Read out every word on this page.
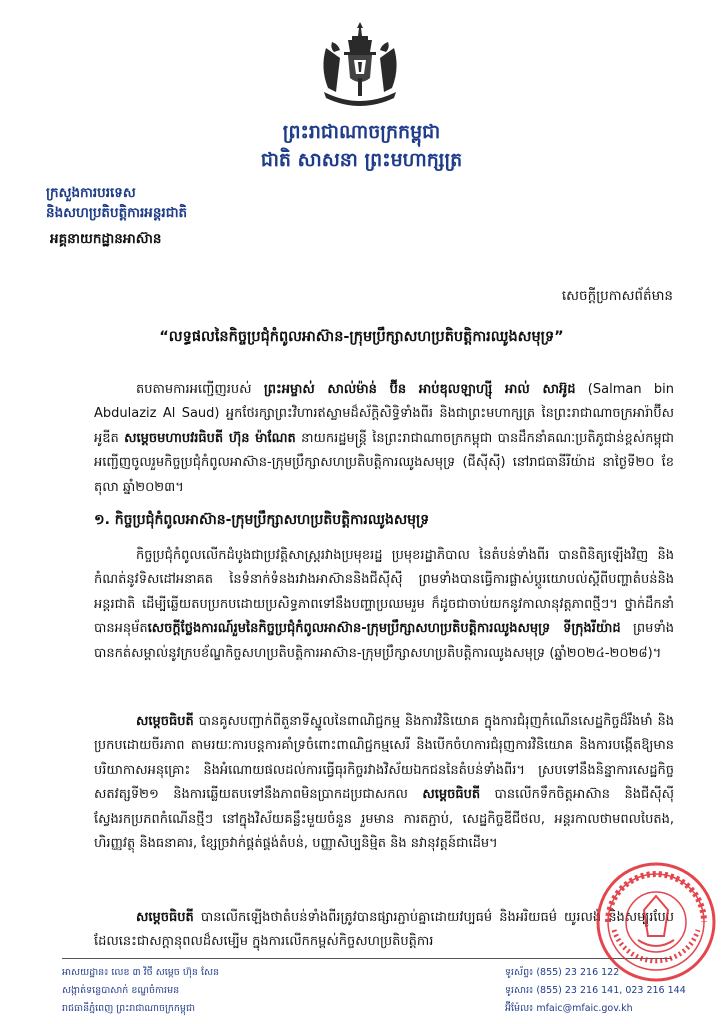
ព្រះរាជាណាចក្រកម្ពុជា
ជាតិ សាសនា ព្រះមហាក្សត្រ
ក្រសួងការបរទេស
និងសហប្រតិបត្តិការអន្តរជាតិ
អគ្គនាយកដ្ឋានអាស៊ាន
សេចក្តីប្រកាសព័ត៌មាន
“លទ្ធផលនៃកិច្ចប្រជុំកំពូលអាស៊ាន-ក្រុមប្រឹក្សាសហប្រតិបត្តិការឈូងសមុទ្រ”
តបតាមការអញ្ជើញរបស់ ព្រះអម្ចាស់ សាល់ម៉ាន់ ប៊ីន អាប់ឌុលឡាហ្ស៊ី អាល់ សាអ៊ូដ (Salman bin Abdulaziz Al Saud) អ្នកថែរក្សាព្រះវិហារឥស្លាមដ៏ស័ក្តិសិទ្ធិទាំងពីរ និងជាព្រះមហាក្សត្រ នៃព្រះរាជាណាចក្រអារ៉ាប៊ីសអូឌីត សម្តេចមហាបវរធិបតី ហ៊ុន ម៉ាណែត នាយករដ្ឋមន្ត្រី នៃព្រះរាជាណាចក្រកម្ពុជា បានដឹកនាំគណៈប្រតិភូជាន់ខ្ពស់កម្ពុជា អញ្ជើញចូលរួមកិច្ចប្រជុំកំពូលអាស៊ាន-ក្រុមប្រឹក្សាសហប្រតិបត្តិការឈូងសមុទ្រ (ជីស៊ីស៊ី) នៅរាជធានីរីយ៉ាដ នាថ្ងៃទី២០ ខែតុលា ឆ្នាំ២០២៣។
១. កិច្ចប្រជុំកំពូលអាស៊ាន-ក្រុមប្រឹក្សាសហប្រតិបត្តិការឈូងសមុទ្រ
កិច្ចប្រជុំកំពូលលើកដំបូងជាប្រវត្តិសាស្ត្ររវាងប្រមុខរដ្ឋ ប្រមុខរដ្ឋាភិបាល នៃតំបន់ទាំងពីរ បានពិនិត្យឡើងវិញ និងកំណត់នូវទិសដៅអនាគត នៃទំនាក់ទំនងរវាងអាស៊ាននិងជីស៊ីស៊ី ព្រមទាំងបានធ្វើការផ្លាស់ប្តូរយោបល់ស្តីពីបញ្ហាតំបន់និងអន្តរជាតិ ដើម្បីឆ្លើយតបប្រកបដោយប្រសិទ្ធភាពទៅនឹងបញ្ហាប្រឈមរួម ក៏ដូចជាចាប់យកនូវកាលានុវត្តភាពថ្មីៗ។ ថ្នាក់ដឹកនាំបានអនុម័តសេចក្តីថ្លែងការណ៍រួមនៃកិច្ចប្រជុំកំពូលអាស៊ាន-ក្រុមប្រឹក្សាសហប្រតិបត្តិការឈូងសមុទ្រ ទីក្រុងរីយ៉ាដ ព្រមទាំងបានកត់សម្គាល់នូវក្របខ័ណ្ឌកិច្ចសហប្រតិបត្តិការអាស៊ាន-ក្រុមប្រឹក្សាសហប្រតិបត្តិការឈូងសមុទ្រ (ឆ្នាំ២០២៤-២០២៨)។
សម្តេចធិបតី បានគូសបញ្ជាក់ពីតួនាទីស្នូលនៃពាណិជ្ជកម្ម និងការវិនិយោគ ក្នុងការជំរុញកំណើនសេដ្ឋកិច្ចដ៏រឹងមាំ និងប្រកបដោយចីរភាព តាមរយៈការបន្តការគាំទ្រចំពោះពាណិជ្ជកម្មសេរី និងបើកចំហការជំរុញការវិនិយោគ និងការបង្កើតឱ្យមានបរិយាកាសអនុគ្រោះ និងអំណោយផលដល់ការធ្វើធុរកិច្ចរវាងវិស័យឯកជននៃតំបន់ទាំងពីរ។ ស្របទៅនឹងនិន្នាការសេដ្ឋកិច្ចសតវត្សទី២១ និងការឆ្លើយតបទៅនឹងភាពមិនប្រាកដប្រជាសកល សម្តេចធិបតី បានលើកទឹកចិត្តអាស៊ាន និងជីស៊ីស៊ី ស្វែងរកប្រភពកំណើនថ្មីៗ នៅក្នុងវិស័យគន្លឹះមួយចំនួន រួមមាន ការតភ្ជាប់, សេដ្ឋកិច្ចឌីជីថល, អន្តរកាលថាមពលបៃតង, ហិរញ្ញវត្ថុ និងធនាគារ, ខ្សែច្រវាក់ផ្គត់ផ្គង់តំបន់, បញ្ញាសិប្បនិម្មិត និង នវានុវត្តន៍ជាដើម។
សម្តេចធិបតី បានលើកឡើងថាតំបន់ទាំងពីរត្រូវបានផ្សារភ្ជាប់គ្នាដោយវប្បធម៌ និងអរិយធម៌ យូរលង់ និងសម្បូរបែប ដែលនេះជាសក្តានុពលដ៏សម្បើម ក្នុងការលើកកម្ពស់កិច្ចសហប្រតិបត្តិការ
អាសយដ្ឋាន៖ លេខ ៣ វិថី សម្តេច ហ៊ុន សែន
សង្កាត់ទន្លេបាសាក់ ខណ្ឌចំការមន
រាជធានីភ្នំពេញ ព្រះរាជាណាចក្រកម្ពុជា
ទូរស័ព្ទ៖ (855) 23 216 122
ទូរសារ៖ (855) 23 216 141, 023 216 144
អ៊ីម៉ែល៖ mfaic@mfaic.gov.kh
